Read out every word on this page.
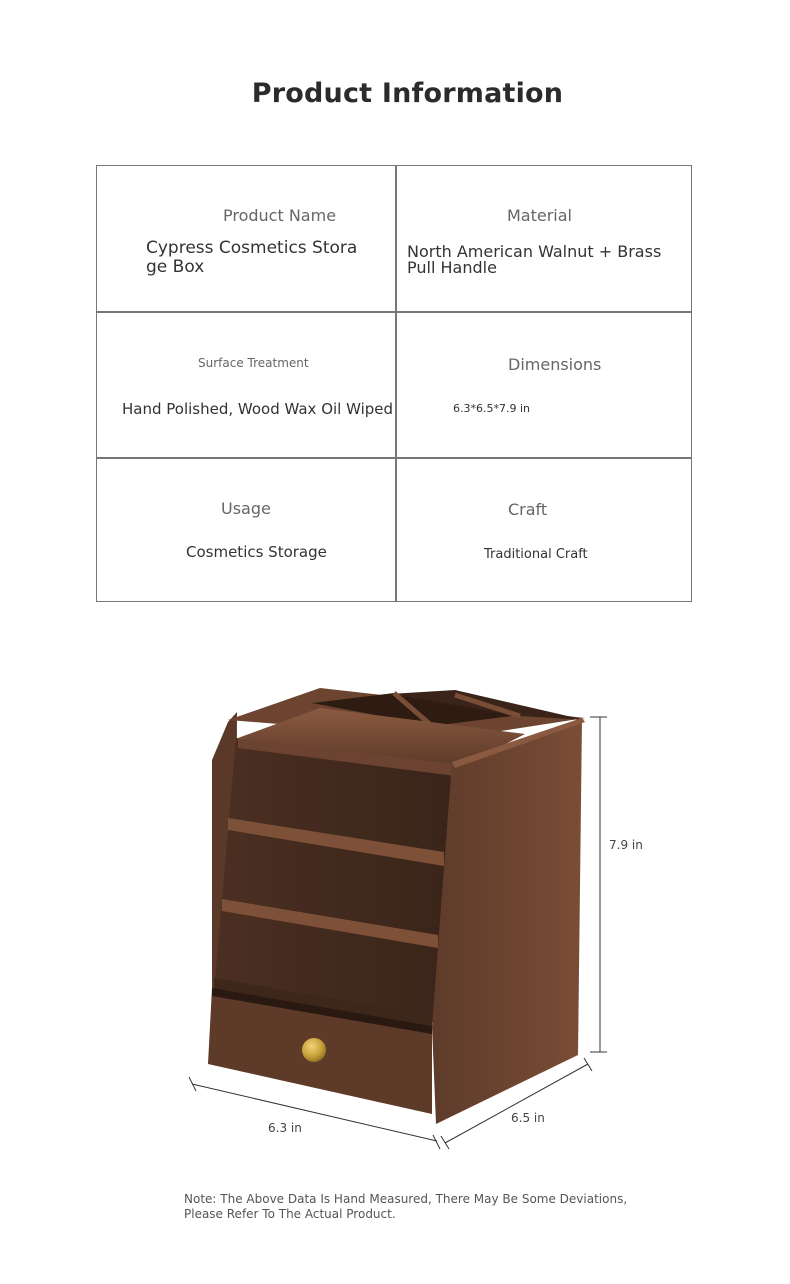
Product Information
Product Name
Cypress Cosmetics Storage Box
Material
North American Walnut + Brass Pull Handle
Surface Treatment
Hand Polished, Wood Wax Oil Wiped
Dimensions
6.3*6.5*7.9 in
Usage
Cosmetics Storage
Craft
Traditional Craft
7.9 in
6.3 in
6.5 in
Note: The Above Data Is Hand Measured, There May Be Some Deviations, Please Refer To The Actual Product.
